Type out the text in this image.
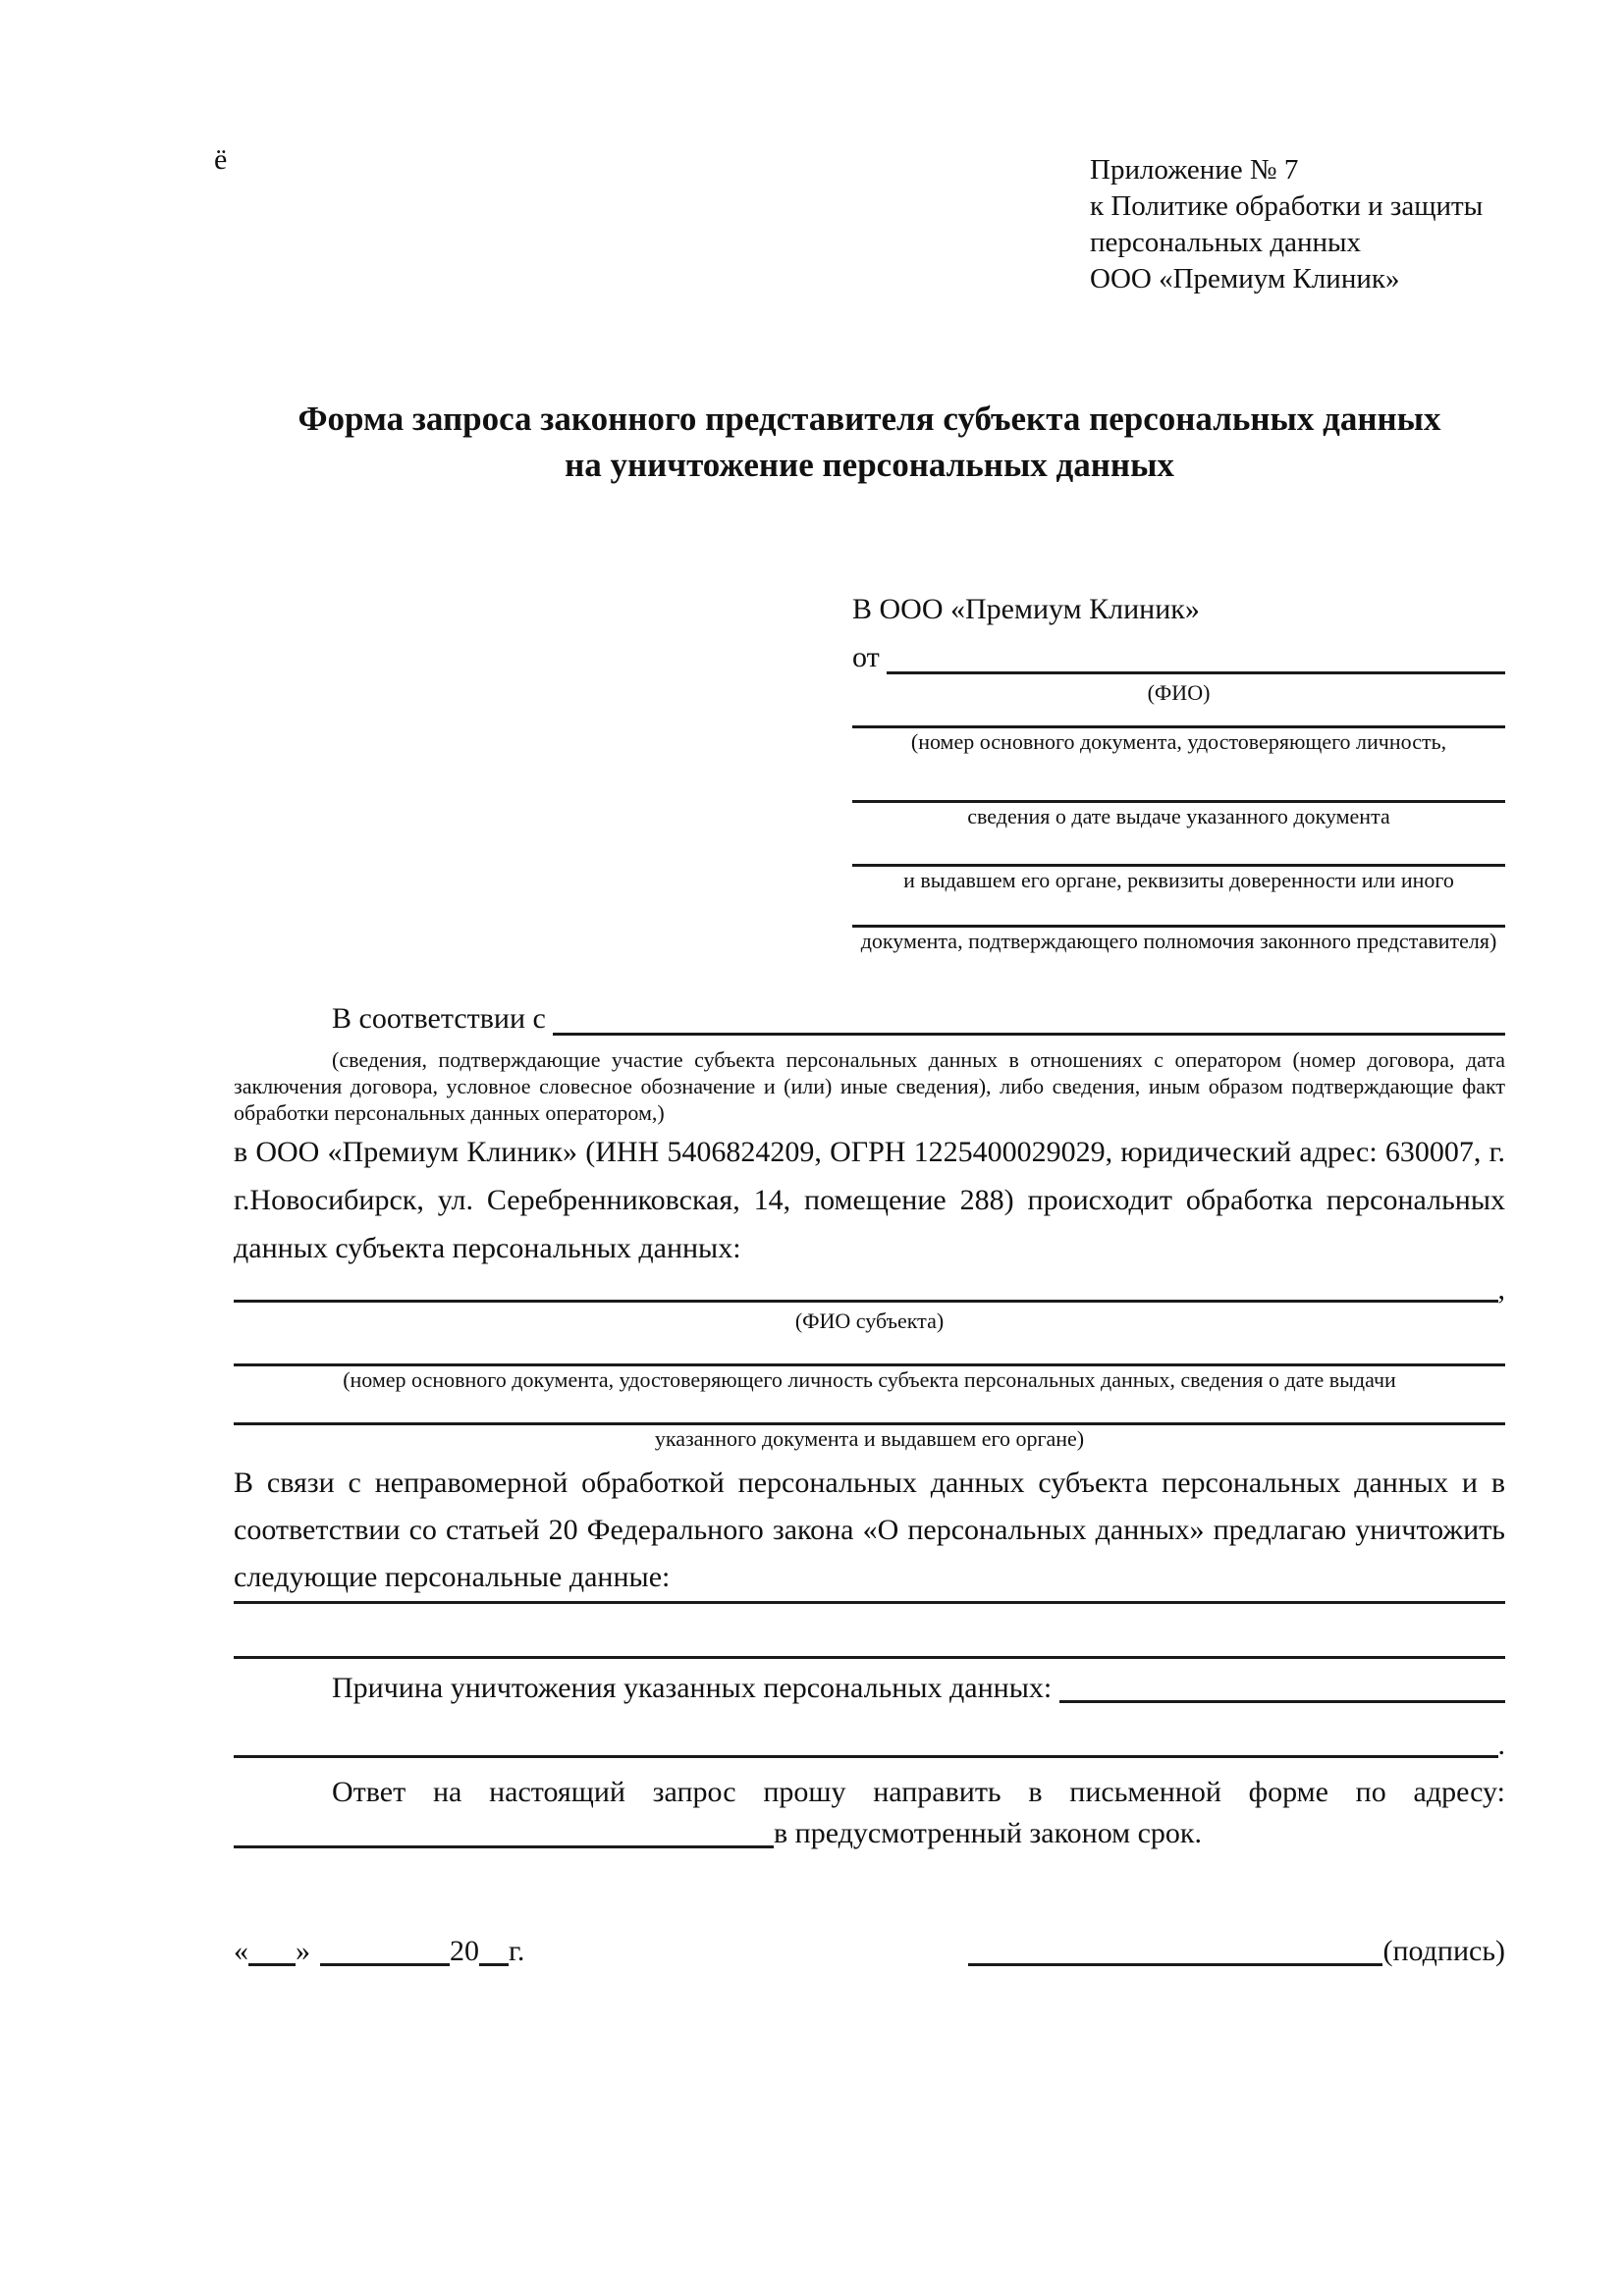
ё	Приложение № 7
к Политике обработки и защиты
персональных данных
ООО «Премиум Клиник»
Форма запроса законного представителя субъекта персональных данных
на уничтожение персональных данных
В ООО «Премиум Клиник»
от
(ФИО)
(номер основного документа, удостоверяющего личность,
сведения о дате выдаче указанного документа
и выдавшем его органе, реквизиты доверенности или иного
документа, подтверждающего полномочия законного представителя)
В соответствии с
(сведения, подтверждающие участие субъекта персональных данных в отношениях с оператором (номер договора, дата заключения договора, условное словесное обозначение и (или) иные сведения), либо сведения, иным образом подтверждающие факт обработки персональных данных оператором,)

в ООО «Премиум Клиник» (ИНН 5406824209, ОГРН 1225400029029, юридический адрес: 630007, г. г.Новосибирск, ул. Серебренниковская, 14, помещение 288) происходит обработка персональных данных субъекта персональных данных:

,
(ФИО субъекта)
(номер основного документа, удостоверяющего личность субъекта персональных данных, сведения о дате выдачи
указанного документа и выдавшем его органе)

В связи с неправомерной обработкой персональных данных субъекта персональных данных и в соответствии со статьей 20 Федерального закона «О персональных данных» предлагаю уничтожить следующие персональные данные:

Причина уничтожения указанных персональных данных:
.
Ответ на настоящий запрос прошу направить в письменной форме по адресу:
в предусмотренный законом срок.
« »	20 г.	(подпись)
